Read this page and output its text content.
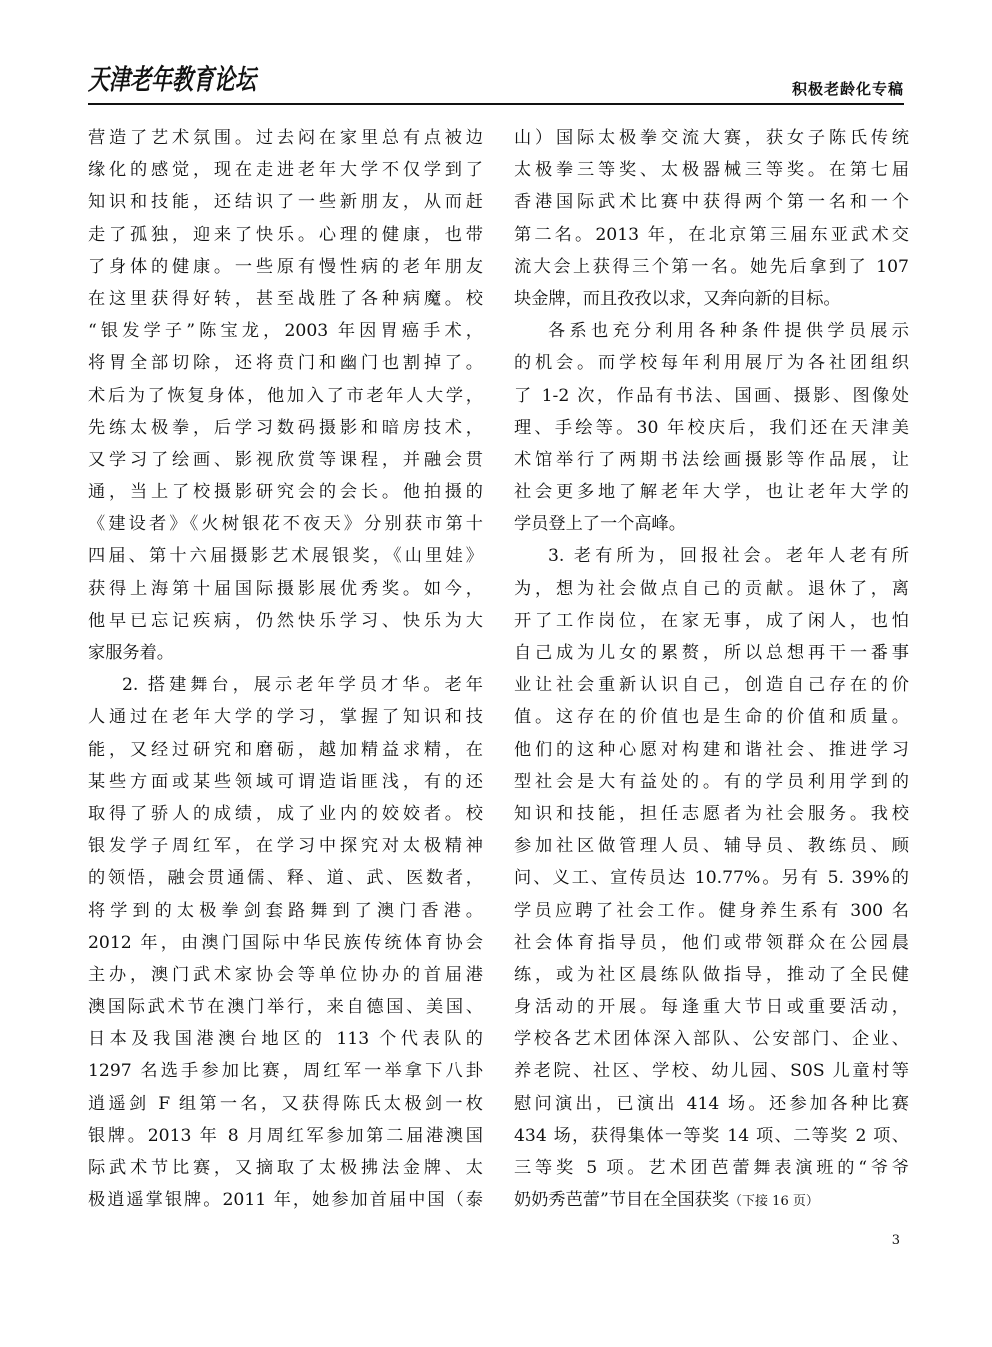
天津老年教育论坛	积极老龄化专稿
营造了艺术氛围。过去闷在家里总有点被边
缘化的感觉，现在走进老年大学不仅学到了
知识和技能，还结识了一些新朋友，从而赶
走了孤独，迎来了快乐。心理的健康，也带
了身体的健康。一些原有慢性病的老年朋友
在这里获得好转，甚至战胜了各种病魔。校
“银发学子”陈宝龙，2003 年因胃癌手术，
将胃全部切除，还将贲门和幽门也割掉了。
术后为了恢复身体，他加入了市老年人大学，
先练太极拳，后学习数码摄影和暗房技术，
又学习了绘画、影视欣赏等课程，并融会贯
通，当上了校摄影研究会的会长。他拍摄的
《建设者》《火树银花不夜天》分别获市第十
四届、第十六届摄影艺术展银奖，《山里娃》
获得上海第十届国际摄影展优秀奖。如今，
他早已忘记疾病，仍然快乐学习、快乐为大
家服务着。
2. 搭建舞台，展示老年学员才华。老年
人通过在老年大学的学习，掌握了知识和技
能，又经过研究和磨砺，越加精益求精，在
某些方面或某些领域可谓造诣匪浅，有的还
取得了骄人的成绩，成了业内的姣姣者。校
银发学子周红军，在学习中探究对太极精神
的领悟，融会贯通儒、释、道、武、医数者，
将学到的太极拳剑套路舞到了澳门香港。
2012 年，由澳门国际中华民族传统体育协会
主办，澳门武术家协会等单位协办的首届港
澳国际武术节在澳门举行，来自德国、美国、
日本及我国港澳台地区的 113 个代表队的
1297 名选手参加比赛，周红军一举拿下八卦
逍遥剑 F 组第一名，又获得陈氏太极剑一枚
银牌。2013 年 8 月周红军参加第二届港澳国
际武术节比赛，又摘取了太极拂法金牌、太
极逍遥掌银牌。2011 年，她参加首届中国（泰
山）国际太极拳交流大赛，获女子陈氏传统
太极拳三等奖、太极器械三等奖。在第七届
香港国际武术比赛中获得两个第一名和一个
第二名。2013 年，在北京第三届东亚武术交
流大会上获得三个第一名。她先后拿到了 107
块金牌，而且孜孜以求，又奔向新的目标。
各系也充分利用各种条件提供学员展示
的机会。而学校每年利用展厅为各社团组织
了 1-2 次，作品有书法、国画、摄影、图像处
理、手绘等。30 年校庆后，我们还在天津美
术馆举行了两期书法绘画摄影等作品展，让
社会更多地了解老年大学，也让老年大学的
学员登上了一个高峰。
3. 老有所为，回报社会。老年人老有所
为，想为社会做点自己的贡献。退休了，离
开了工作岗位，在家无事，成了闲人，也怕
自己成为儿女的累赘，所以总想再干一番事
业让社会重新认识自己，创造自己存在的价
值。这存在的价值也是生命的价值和质量。
他们的这种心愿对构建和谐社会、推进学习
型社会是大有益处的。有的学员利用学到的
知识和技能，担任志愿者为社会服务。我校
参加社区做管理人员、辅导员、教练员、顾
问、义工、宣传员达 10.77%。另有 5. 39%的
学员应聘了社会工作。健身养生系有 300 名
社会体育指导员，他们或带领群众在公园晨
练，或为社区晨练队做指导，推动了全民健
身活动的开展。每逢重大节日或重要活动，
学校各艺术团体深入部队、公安部门、企业、
养老院、社区、学校、幼儿园、S0S 儿童村等
慰问演出，已演出 414 场。还参加各种比赛
434 场，获得集体一等奖 14 项、二等奖 2 项、
三等奖 5 项。艺术团芭蕾舞表演班的“爷爷
奶奶秀芭蕾”节目在全国获奖（下接 16 页）
3
